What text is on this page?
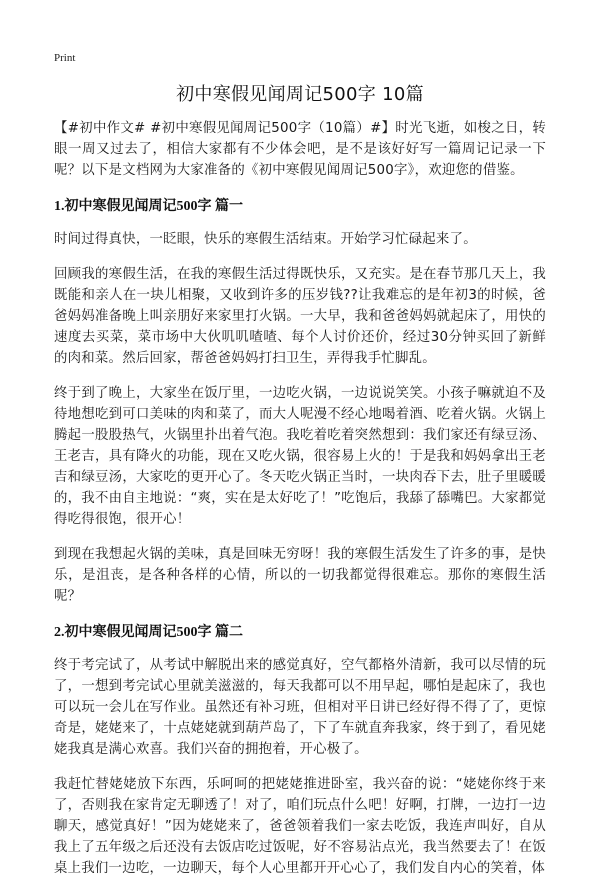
Print
初中寒假见闻周记500字 10篇

【#初中作文# #初中寒假见闻周记500字（10篇）#】时光飞逝，如梭之日，转眼一周又过去了，相信大家都有不少体会吧，是不是该好好写一篇周记记录一下呢？以下是文档网为大家准备的《初中寒假见闻周记500字》，欢迎您的借鉴。

1.初中寒假见闻周记500字 篇一

时间过得真快，一眨眼，快乐的寒假生活结束。开始学习忙碌起来了。

回顾我的寒假生活，在我的寒假生活过得既快乐，又充实。是在春节那几天上，我既能和亲人在一块儿相聚，又收到许多的压岁钱??让我难忘的是年初3的时候，爸爸妈妈准备晚上叫亲朋好来家里打火锅。一大早，我和爸爸妈妈就起床了，用快的速度去买菜，菜市场中大伙叽叽喳喳、每个人讨价还价，经过30分钟买回了新鲜的肉和菜。然后回家，帮爸爸妈妈打扫卫生，弄得我手忙脚乱。

终于到了晚上，大家坐在饭厅里，一边吃火锅，一边说说笑笑。小孩子嘛就迫不及待地想吃到可口美味的肉和菜了，而大人呢漫不经心地喝着酒、吃着火锅。火锅上腾起一股股热气，火锅里扑出着气泡。我吃着吃着突然想到：我们家还有绿豆汤、王老吉，具有降火的功能，现在又吃火锅，很容易上火的！于是我和妈妈拿出王老吉和绿豆汤，大家吃的更开心了。冬天吃火锅正当时，一块肉吞下去，肚子里暖暖的，我不由自主地说：“爽，实在是太好吃了！”吃饱后，我舔了舔嘴巴。大家都觉得吃得很饱，很开心！

到现在我想起火锅的美味，真是回味无穷呀！我的寒假生活发生了许多的事，是快乐，是沮丧，是各种各样的心情，所以的一切我都觉得很难忘。那你的寒假生活呢？

2.初中寒假见闻周记500字 篇二

终于考完试了，从考试中解脱出来的感觉真好，空气都格外清新，我可以尽情的玩了，一想到考完试心里就美滋滋的，每天我都可以不用早起，哪怕是起床了，我也可以玩一会儿在写作业。虽然还有补习班，但相对平日讲已经好得不得了了，更惊奇是，姥姥来了，十点姥姥就到葫芦岛了，下了车就直奔我家，终于到了，看见姥姥我真是满心欢喜。我们兴奋的拥抱着，开心极了。

我赶忙替姥姥放下东西，乐呵呵的把姥姥推进卧室，我兴奋的说：“姥姥你终于来了，否则我在家肯定无聊透了！对了，咱们玩点什么吧！好啊，打牌，一边打一边聊天，感觉真好！”因为姥姥来了，爸爸领着我们一家去吃饭，我连声叫好，自从我上了五年级之后还没有去饭店吃过饭呢，好不容易沾点光，我当然要去了！在饭桌上我们一边吃，一边聊天，每个人心里都开开心心了，我们发自内心的笑着，体
